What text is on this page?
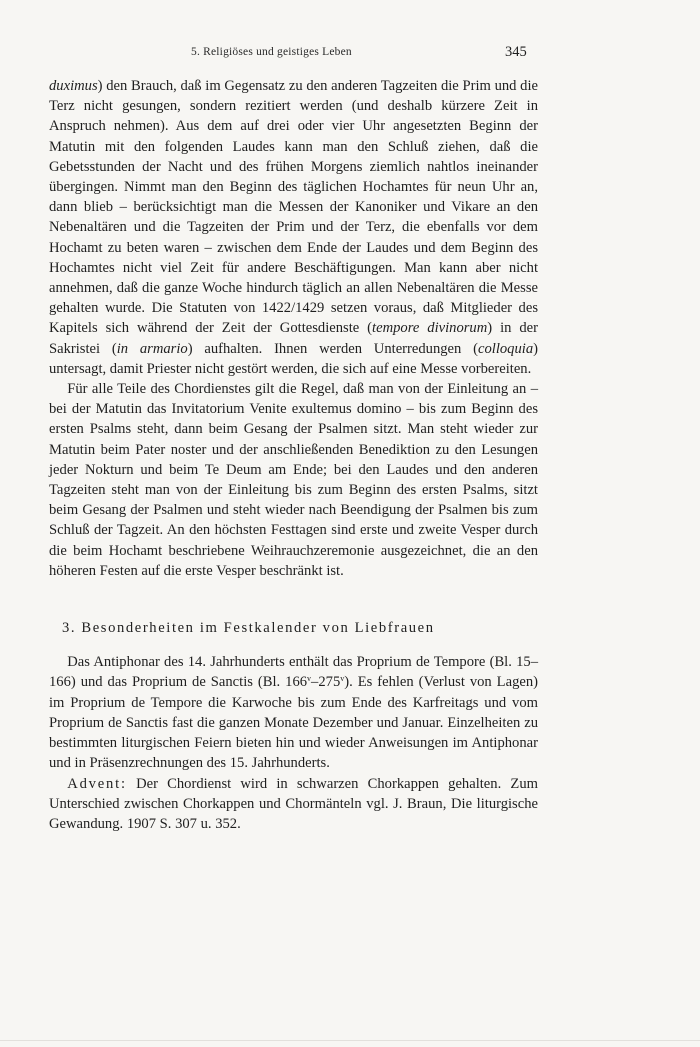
5. Religiöses und geistiges Leben	345

duximus) den Brauch, daß im Gegensatz zu den anderen Tagzeiten die Prim und die Terz nicht gesungen, sondern rezitiert werden (und deshalb kürzere Zeit in Anspruch nehmen). Aus dem auf drei oder vier Uhr angesetzten Beginn der Matutin mit den folgenden Laudes kann man den Schluß ziehen, daß die Gebetsstunden der Nacht und des frühen Morgens ziemlich nahtlos ineinander übergingen. Nimmt man den Beginn des täglichen Hochamtes für neun Uhr an, dann blieb – berücksichtigt man die Messen der Kanoniker und Vikare an den Nebenaltären und die Tagzeiten der Prim und der Terz, die ebenfalls vor dem Hochamt zu beten waren – zwischen dem Ende der Laudes und dem Beginn des Hochamtes nicht viel Zeit für andere Beschäftigungen. Man kann aber nicht annehmen, daß die ganze Woche hindurch täglich an allen Nebenaltären die Messe gehalten wurde. Die Statuten von 1422/1429 setzen voraus, daß Mitglieder des Kapitels sich während der Zeit der Gottesdienste (tempore divinorum) in der Sakristei (in armario) aufhalten. Ihnen werden Unterredungen (colloquia) untersagt, damit Priester nicht gestört werden, die sich auf eine Messe vorbereiten.

Für alle Teile des Chordienstes gilt die Regel, daß man von der Einleitung an – bei der Matutin das Invitatorium Venite exultemus domino – bis zum Beginn des ersten Psalms steht, dann beim Gesang der Psalmen sitzt. Man steht wieder zur Matutin beim Pater noster und der anschließenden Benediktion zu den Lesungen jeder Nokturn und beim Te Deum am Ende; bei den Laudes und den anderen Tagzeiten steht man von der Einleitung bis zum Beginn des ersten Psalms, sitzt beim Gesang der Psalmen und steht wieder nach Beendigung der Psalmen bis zum Schluß der Tagzeit. An den höchsten Festtagen sind erste und zweite Vesper durch die beim Hochamt beschriebene Weihrauchzeremonie ausgezeichnet, die an den höheren Festen auf die erste Vesper beschränkt ist.

3. Besonderheiten im Festkalender von Liebfrauen

Das Antiphonar des 14. Jahrhunderts enthält das Proprium de Tempore (Bl. 15–166) und das Proprium de Sanctis (Bl. 166$^v$–275$^v$). Es fehlen (Verlust von Lagen) im Proprium de Tempore die Karwoche bis zum Ende des Karfreitags und vom Proprium de Sanctis fast die ganzen Monate Dezember und Januar. Einzelheiten zu bestimmten liturgischen Feiern bieten hin und wieder Anweisungen im Antiphonar und in Präsenzrechnungen des 15. Jahrhunderts.

Advent: Der Chordienst wird in schwarzen Chorkappen gehalten. Zum Unterschied zwischen Chorkappen und Chormänteln vgl. J. Braun, Die liturgische Gewandung. 1907 S. 307 u. 352.
